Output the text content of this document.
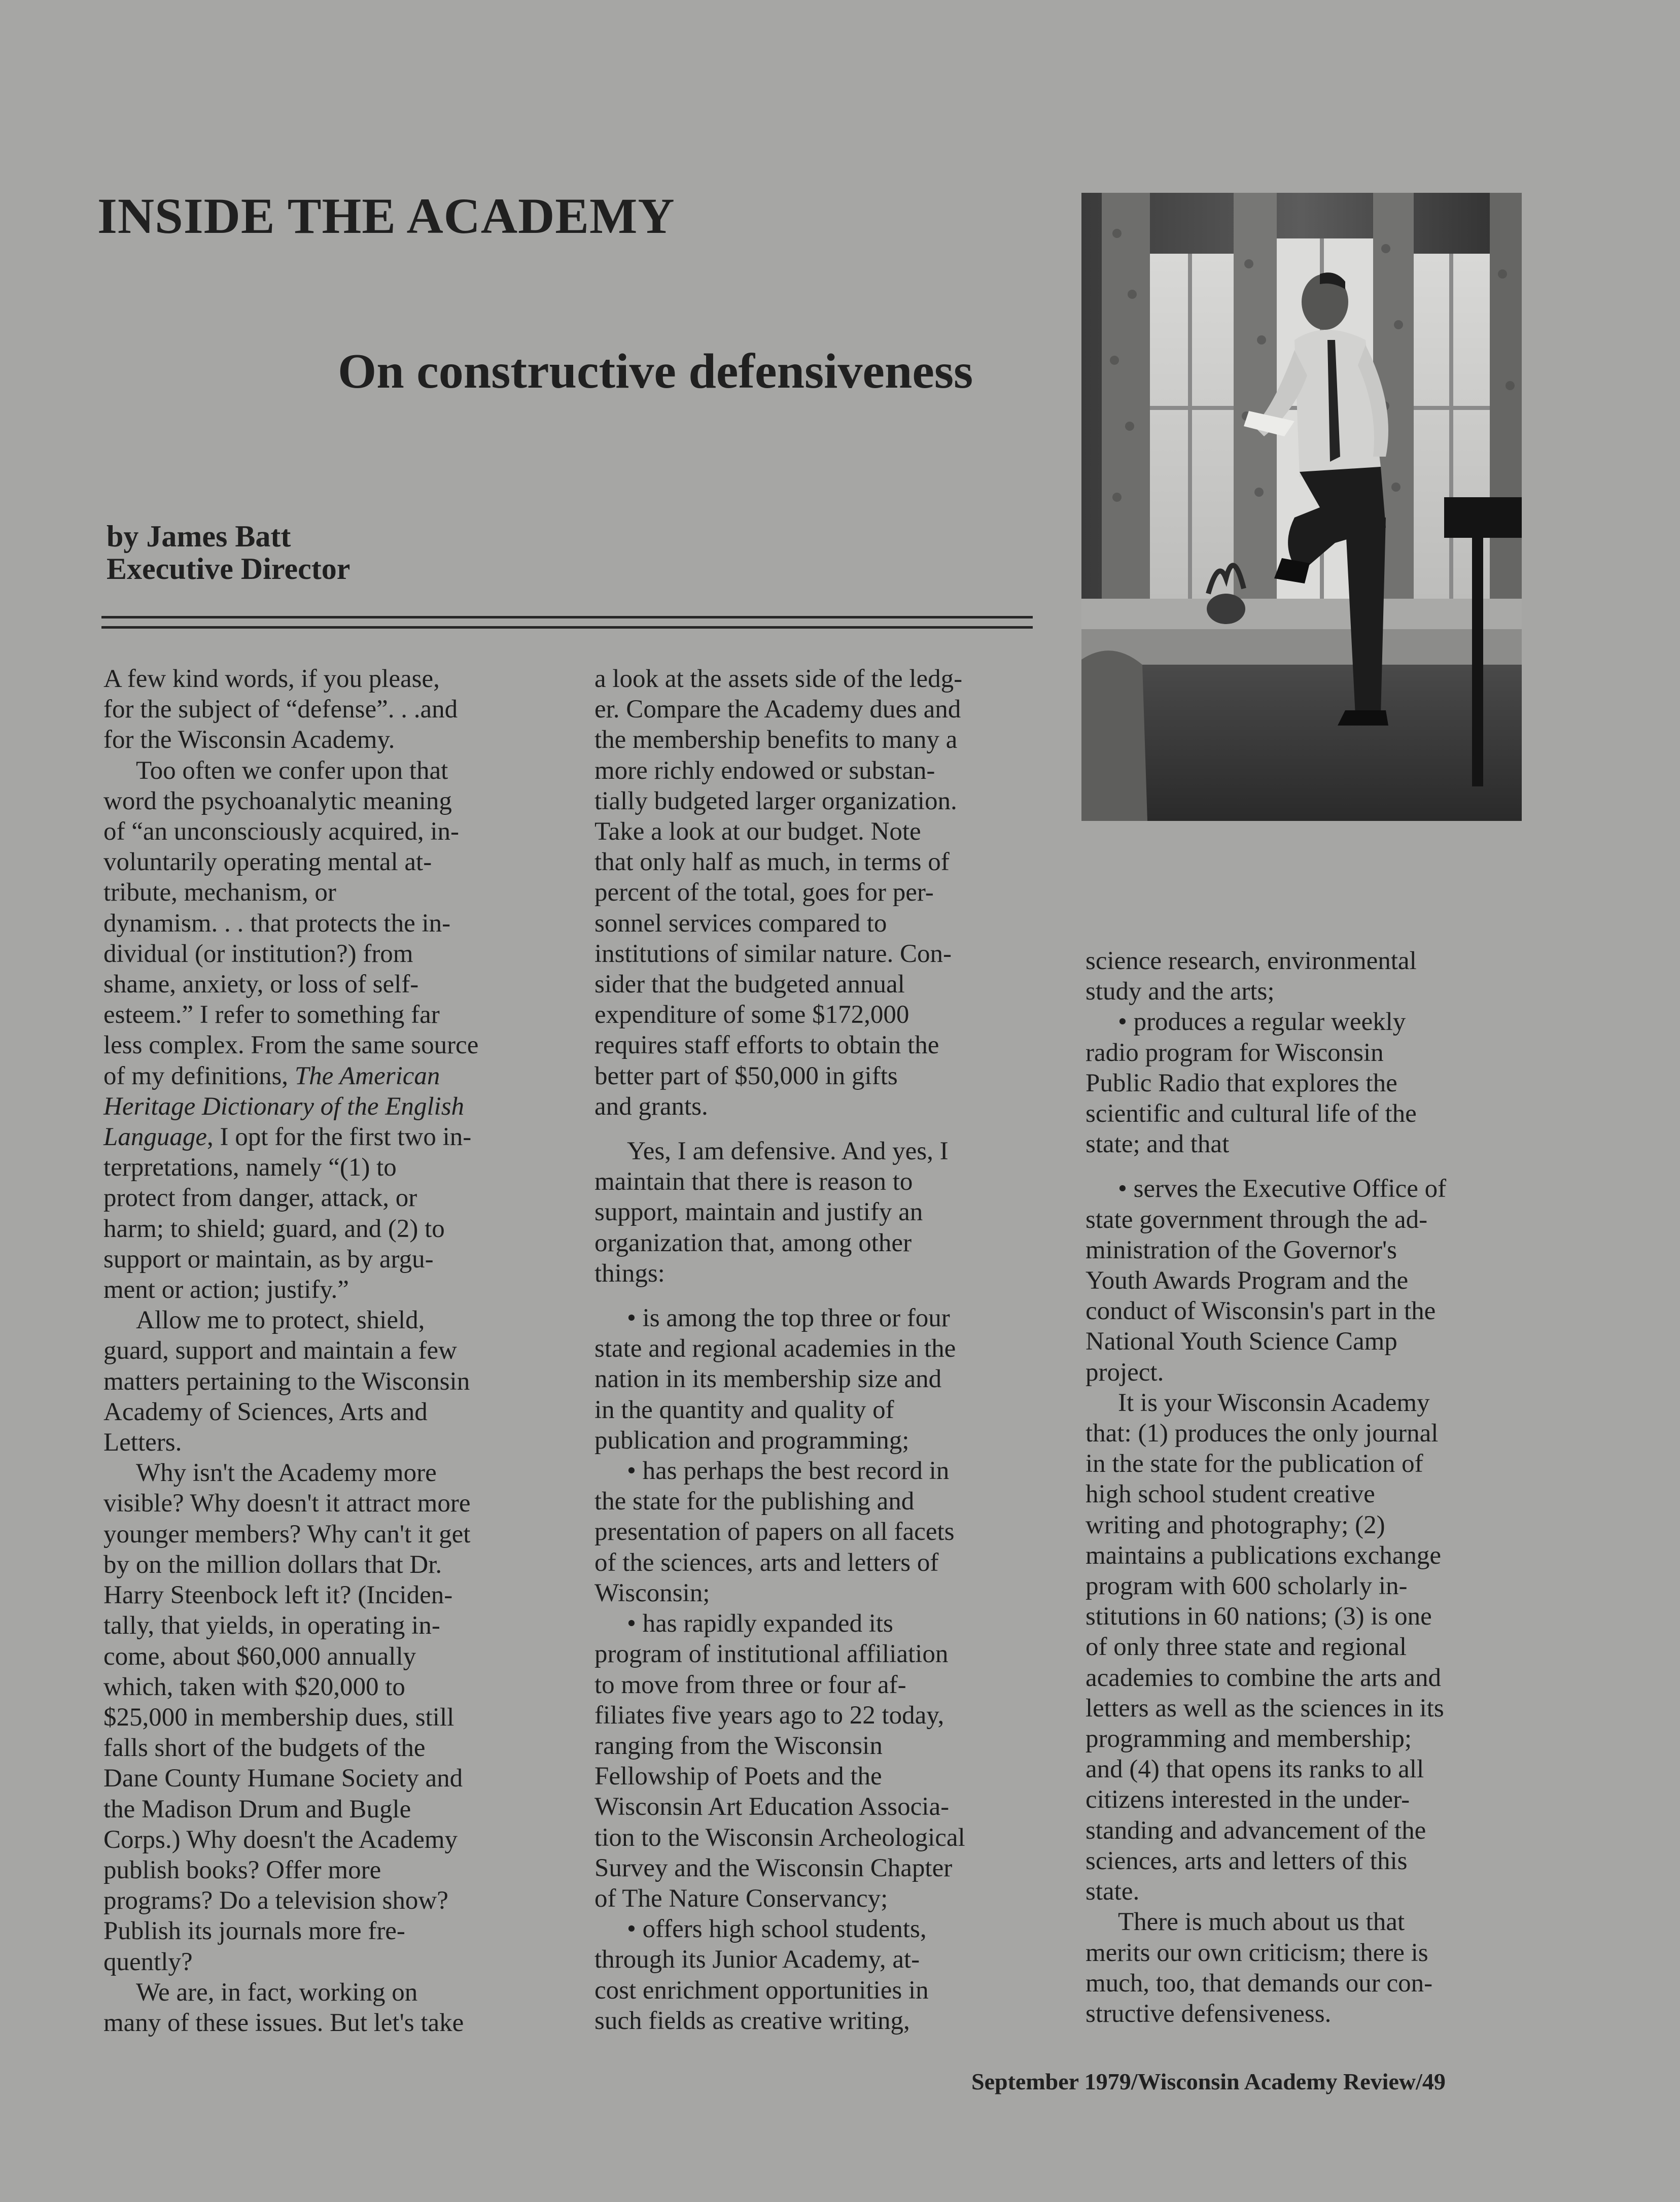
INSIDE THE ACADEMY
On constructive defensiveness
by James Batt
Executive Director

A few kind words, if you please,

for the subject of “defense”. . .and

for the Wisconsin Academy.

Too often we confer upon that

word the psychoanalytic meaning

of “an unconsciously acquired, in-

voluntarily operating mental at-

tribute, mechanism, or

dynamism. . . that protects the in-

dividual (or institution?) from

shame, anxiety, or loss of self-

esteem.” I refer to something far

less complex. From the same source

of my definitions, The American

Heritage Dictionary of the English

Language, I opt for the first two in-

terpretations, namely “(1) to

protect from danger, attack, or

harm; to shield; guard, and (2) to

support or maintain, as by argu-

ment or action; justify.”

Allow me to protect, shield,

guard, support and maintain a few

matters pertaining to the Wisconsin

Academy of Sciences, Arts and

Letters.

Why isn't the Academy more

visible? Why doesn't it attract more

younger members? Why can't it get

by on the million dollars that Dr.

Harry Steenbock left it? (Inciden-

tally, that yields, in operating in-

come, about $60,000 annually

which, taken with $20,000 to

$25,000 in membership dues, still

falls short of the budgets of the

Dane County Humane Society and

the Madison Drum and Bugle

Corps.) Why doesn't the Academy

publish books? Offer more

programs? Do a television show?

Publish its journals more fre-

quently?

We are, in fact, working on

many of these issues. But let's take

a look at the assets side of the ledg-

er. Compare the Academy dues and

the membership benefits to many a

more richly endowed or substan-

tially budgeted larger organization.

Take a look at our budget. Note

that only half as much, in terms of

percent of the total, goes for per-

sonnel services compared to

institutions of similar nature. Con-

sider that the budgeted annual

expenditure of some $172,000

requires staff efforts to obtain the

better part of $50,000 in gifts

and grants.

Yes, I am defensive. And yes, I

maintain that there is reason to

support, maintain and justify an

organization that, among other

things:

• is among the top three or four

state and regional academies in the

nation in its membership size and

in the quantity and quality of

publication and programming;

• has perhaps the best record in

the state for the publishing and

presentation of papers on all facets

of the sciences, arts and letters of

Wisconsin;

• has rapidly expanded its

program of institutional affiliation

to move from three or four af-

filiates five years ago to 22 today,

ranging from the Wisconsin

Fellowship of Poets and the

Wisconsin Art Education Associa-

tion to the Wisconsin Archeological

Survey and the Wisconsin Chapter

of The Nature Conservancy;

• offers high school students,

through its Junior Academy, at-

cost enrichment opportunities in

such fields as creative writing,

science research, environmental

study and the arts;

• produces a regular weekly

radio program for Wisconsin

Public Radio that explores the

scientific and cultural life of the

state; and that

• serves the Executive Office of

state government through the ad-

ministration of the Governor's

Youth Awards Program and the

conduct of Wisconsin's part in the

National Youth Science Camp

project.

It is your Wisconsin Academy

that: (1) produces the only journal

in the state for the publication of

high school student creative

writing and photography; (2)

maintains a publications exchange

program with 600 scholarly in-

stitutions in 60 nations; (3) is one

of only three state and regional

academies to combine the arts and

letters as well as the sciences in its

programming and membership;

and (4) that opens its ranks to all

citizens interested in the under-

standing and advancement of the

sciences, arts and letters of this

state.

There is much about us that

merits our own criticism; there is

much, too, that demands our con-

structive defensiveness.

September 1979/Wisconsin Academy Review/49
